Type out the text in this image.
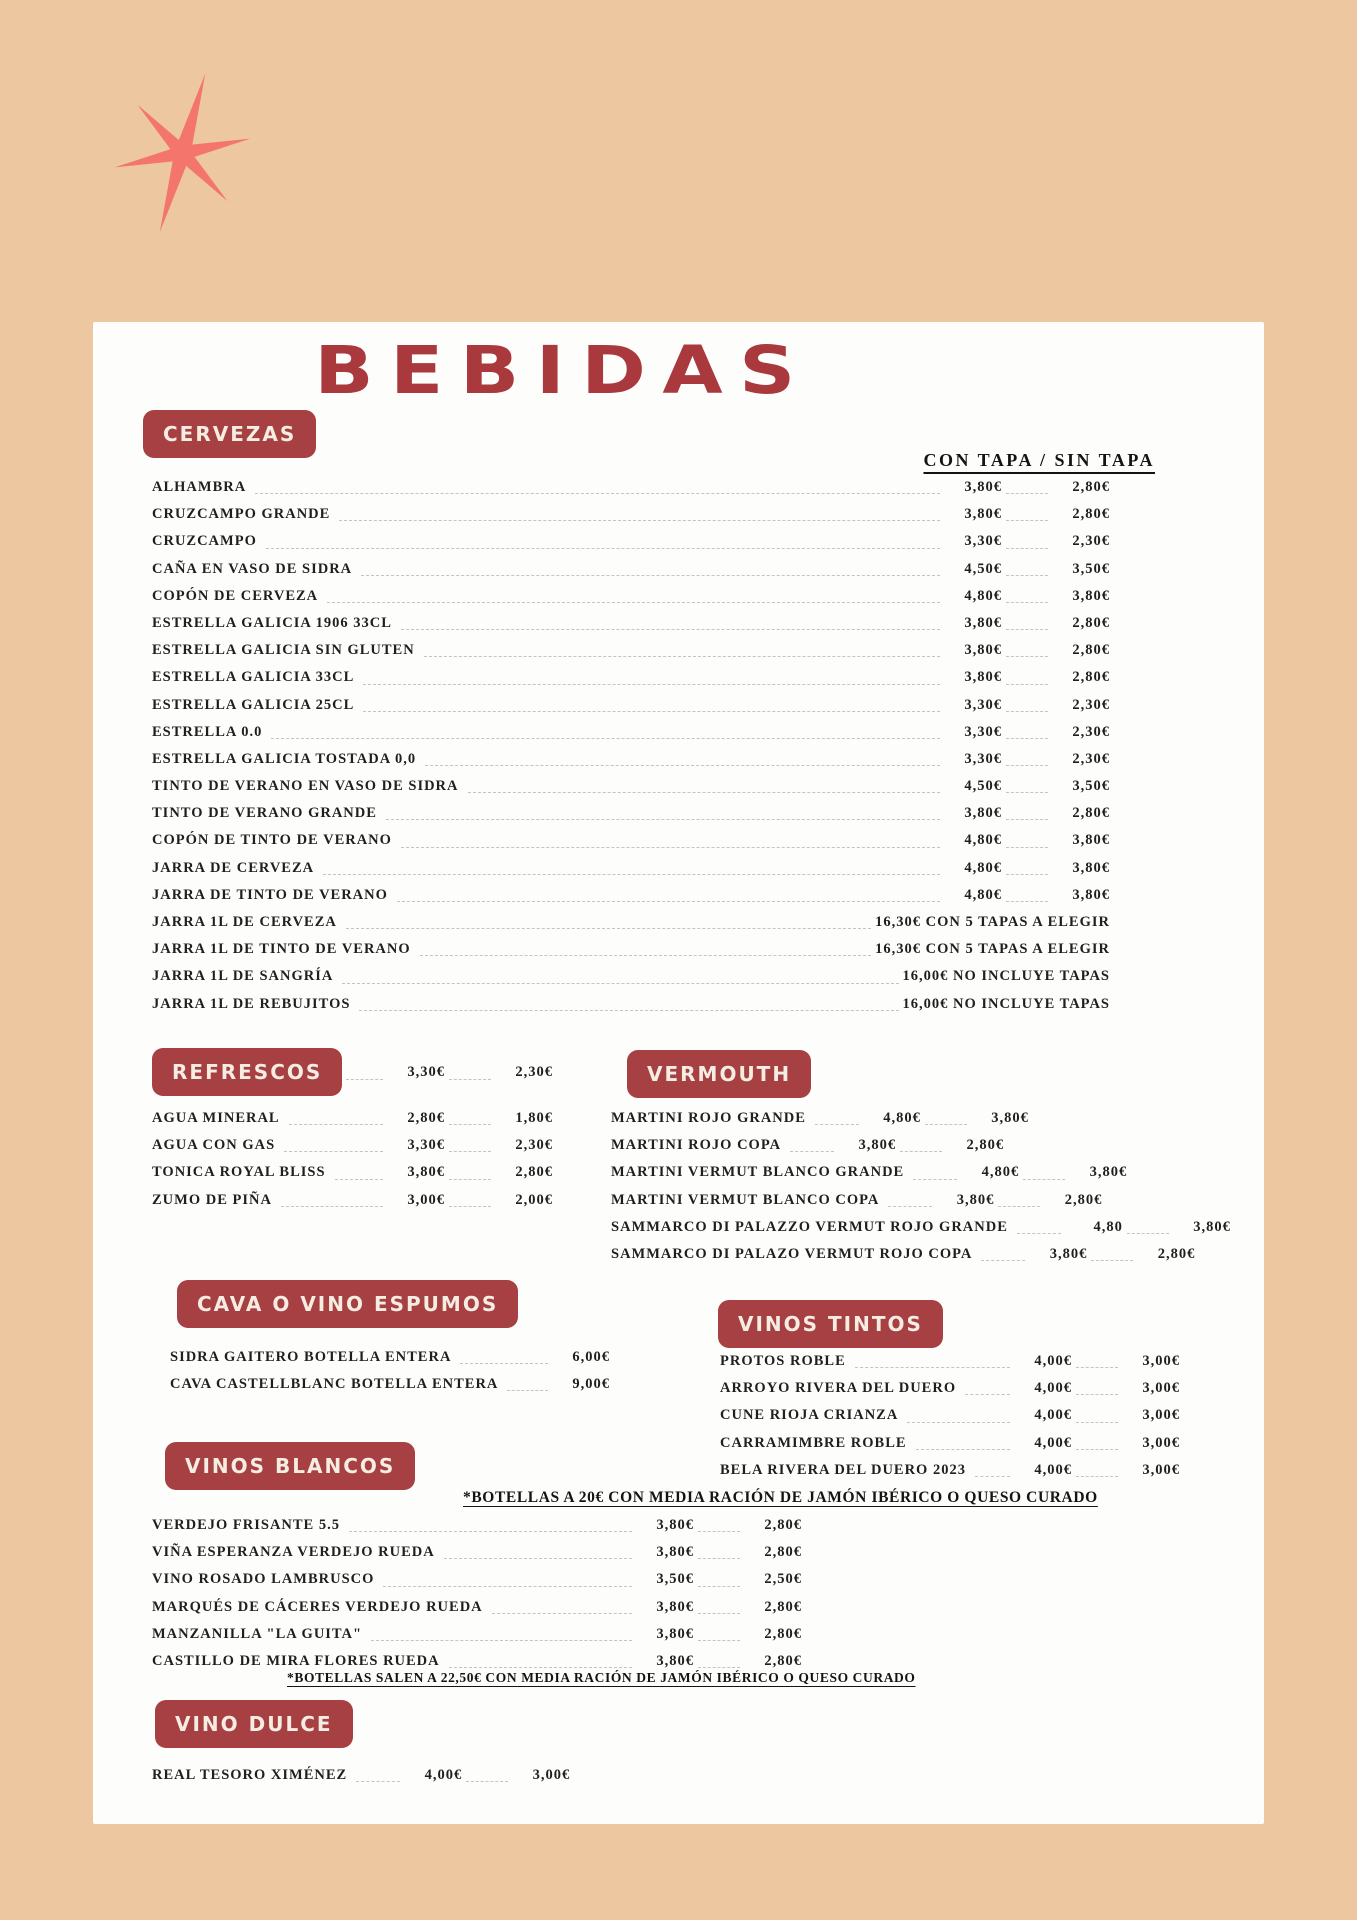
BEBIDAS
CERVEZAS
CON TAPA / SIN TAPA
ALHAMBRA	3,80€	2,80€
CRUZCAMPO GRANDE	3,80€	2,80€
CRUZCAMPO	3,30€	2,30€
CAÑA EN VASO DE SIDRA	4,50€	3,50€
COPÓN DE CERVEZA	4,80€	3,80€
ESTRELLA GALICIA 1906 33CL	3,80€	2,80€
ESTRELLA GALICIA SIN GLUTEN	3,80€	2,80€
ESTRELLA GALICIA 33CL	3,80€	2,80€
ESTRELLA GALICIA 25CL	3,30€	2,30€
ESTRELLA 0.0	3,30€	2,30€
ESTRELLA GALICIA TOSTADA 0,0	3,30€	2,30€
TINTO DE VERANO EN VASO DE SIDRA	4,50€	3,50€
TINTO DE VERANO GRANDE	3,80€	2,80€
COPÓN DE TINTO DE VERANO	4,80€	3,80€
JARRA DE CERVEZA	4,80€	3,80€
JARRA DE TINTO DE VERANO	4,80€	3,80€
JARRA 1L DE CERVEZA	16,30€ CON 5 TAPAS A ELEGIR
JARRA 1L DE TINTO DE VERANO	16,30€ CON 5 TAPAS A ELEGIR
JARRA 1L DE SANGRÍA	16,00€ NO INCLUYE TAPAS
JARRA 1L DE REBUJITOS	16,00€ NO INCLUYE TAPAS
REFRESCOS	3,30€	2,30€
AGUA MINERAL	2,80€	1,80€
AGUA CON GAS	3,30€	2,30€
TONICA ROYAL BLISS	3,80€	2,80€
ZUMO DE PIÑA	3,00€	2,00€
VERMOUTH
MARTINI ROJO GRANDE	4,80€	3,80€
MARTINI ROJO COPA	3,80€	2,80€
MARTINI VERMUT BLANCO GRANDE	4,80€	3,80€
MARTINI VERMUT BLANCO COPA	3,80€	2,80€
SAMMARCO DI PALAZZO VERMUT ROJO GRANDE	4,80	3,80€
SAMMARCO DI PALAZO VERMUT ROJO COPA	3,80€	2,80€
CAVA O VINO ESPUMOS
SIDRA GAITERO BOTELLA ENTERA	6,00€
CAVA CASTELLBLANC BOTELLA ENTERA	9,00€
VINOS TINTOS
PROTOS ROBLE	4,00€	3,00€
ARROYO RIVERA DEL DUERO	4,00€	3,00€
CUNE RIOJA CRIANZA	4,00€	3,00€
CARRAMIMBRE ROBLE	4,00€	3,00€
BELA RIVERA DEL DUERO 2023	4,00€	3,00€
*BOTELLAS A 20€ CON MEDIA RACIÓN DE JAMÓN IBÉRICO O QUESO CURADO
VINOS BLANCOS
VERDEJO FRISANTE 5.5	3,80€	2,80€
VIÑA ESPERANZA VERDEJO RUEDA	3,80€	2,80€
VINO ROSADO LAMBRUSCO	3,50€	2,50€
MARQUÉS DE CÁCERES VERDEJO RUEDA	3,80€	2,80€
MANZANILLA "LA GUITA"	3,80€	2,80€
CASTILLO DE MIRA FLORES RUEDA	3,80€	2,80€
*BOTELLAS SALEN A 22,50€ CON MEDIA RACIÓN DE JAMÓN IBÉRICO O QUESO CURADO
VINO DULCE
REAL TESORO XIMÉNEZ	4,00€	3,00€
